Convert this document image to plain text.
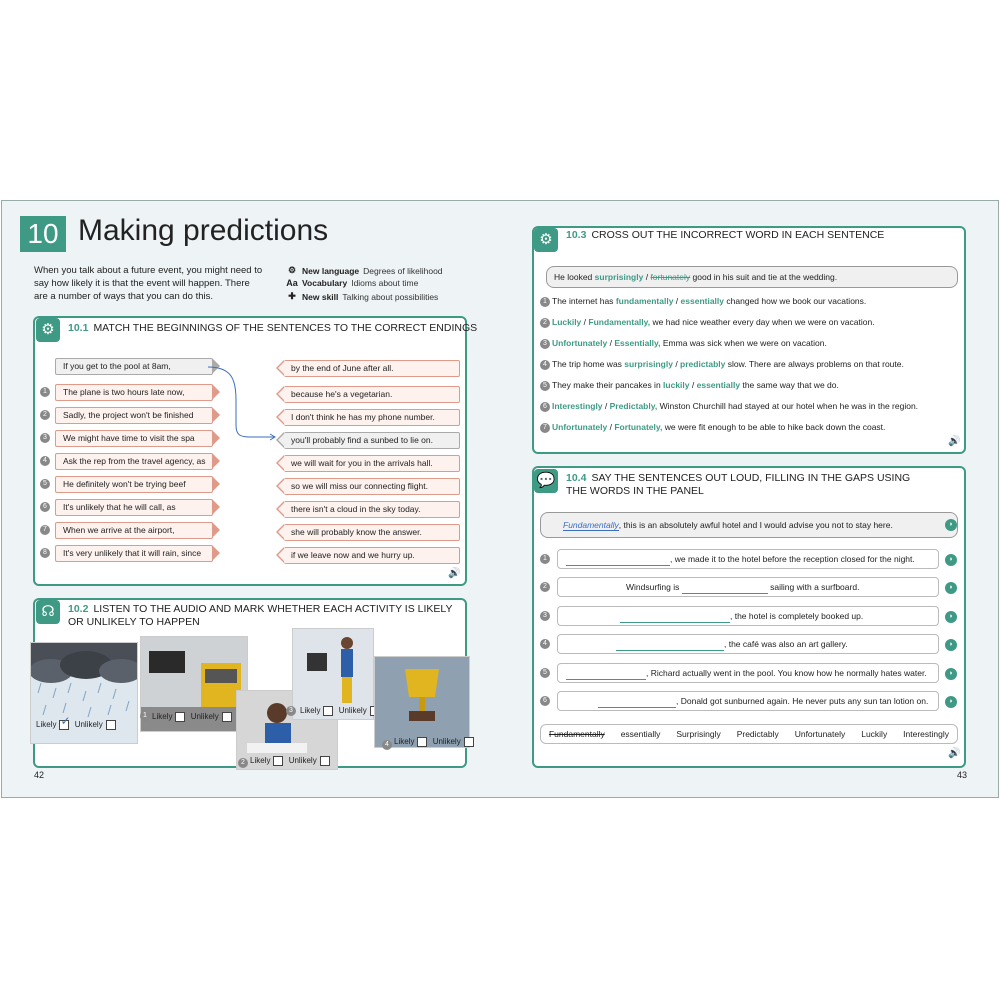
10 Making predictions
When you talk about a future event, you might need to say how likely it is that the event will happen. There are a number of ways that you can do this.
⚙ New language Degrees of likelihood
Aa Vocabulary Idioms about time
✚ New skill Talking about possibilities
⚙	10.1 MATCH THE BEGINNINGS OF THE SENTENCES TO THE CORRECT ENDINGS
If you get to the pool at 8am,
1	The plane is two hours late now,
2	Sadly, the project won't be finished
3	We might have time to visit the spa
4	Ask the rep from the travel agency, as
5	He definitely won't be trying beef
6	It's unlikely that he will call, as
7	When we arrive at the airport,
8	It's very unlikely that it will rain, since
by the end of June after all.
because he's a vegetarian.
I don't think he has my phone number.
you'll probably find a sunbed to lie on.
we will wait for you in the arrivals hall.
so we will miss our connecting flight.
there isn't a cloud in the sky today.
she will probably know the answer.
if we leave now and we hurry up.
🔊
☊	10.2 LISTEN TO THE AUDIO AND MARK WHETHER EACH ACTIVITY IS LIKELY
OR UNLIKELY TO HAPPEN
Likely ✓ Unlikely
1 Likely Unlikely
2 Likely Unlikely
3 Likely Unlikely
4 Likely Unlikely
42
⚙	10.3 CROSS OUT THE INCORRECT WORD IN EACH SENTENCE
He looked surprisingly / fortunately good in his suit and tie at the wedding.
1 The internet has fundamentally / essentially changed how we book our vacations.
2 Luckily / Fundamentally, we had nice weather every day when we were on vacation.
3 Unfortunately / Essentially, Emma was sick when we were on vacation.
4 The trip home was surprisingly / predictably slow. There are always problems on that route.
5 They make their pancakes in luckily / essentially the same way that we do.
6 Interestingly / Predictably, Winston Churchill had stayed at our hotel when he was in the region.
7 Unfortunately / Fortunately, we were fit enough to be able to hike back down the coast.
🔊
💬 10.4 SAY THE SENTENCES OUT LOUD, FILLING IN THE GAPS USING
THE WORDS IN THE PANEL
Fundamentally, this is an absolutely awful hotel and I would advise you not to stay here.	◗
1	, we made it to the hotel before the reception closed for the night.	◗
2	Windsurfing is	sailing with a surfboard.	◗
3	, the hotel is completely booked up.	◗
4	, the café was also an art gallery.	◗
5	, Richard actually went in the pool. You know how he normally hates water.	◗
6	, Donald got sunburned again. He never puts any sun tan lotion on.	◗
Fundamentally essentially Surprisingly Predictably Unfortunately Luckily Interestingly
🔊
43
